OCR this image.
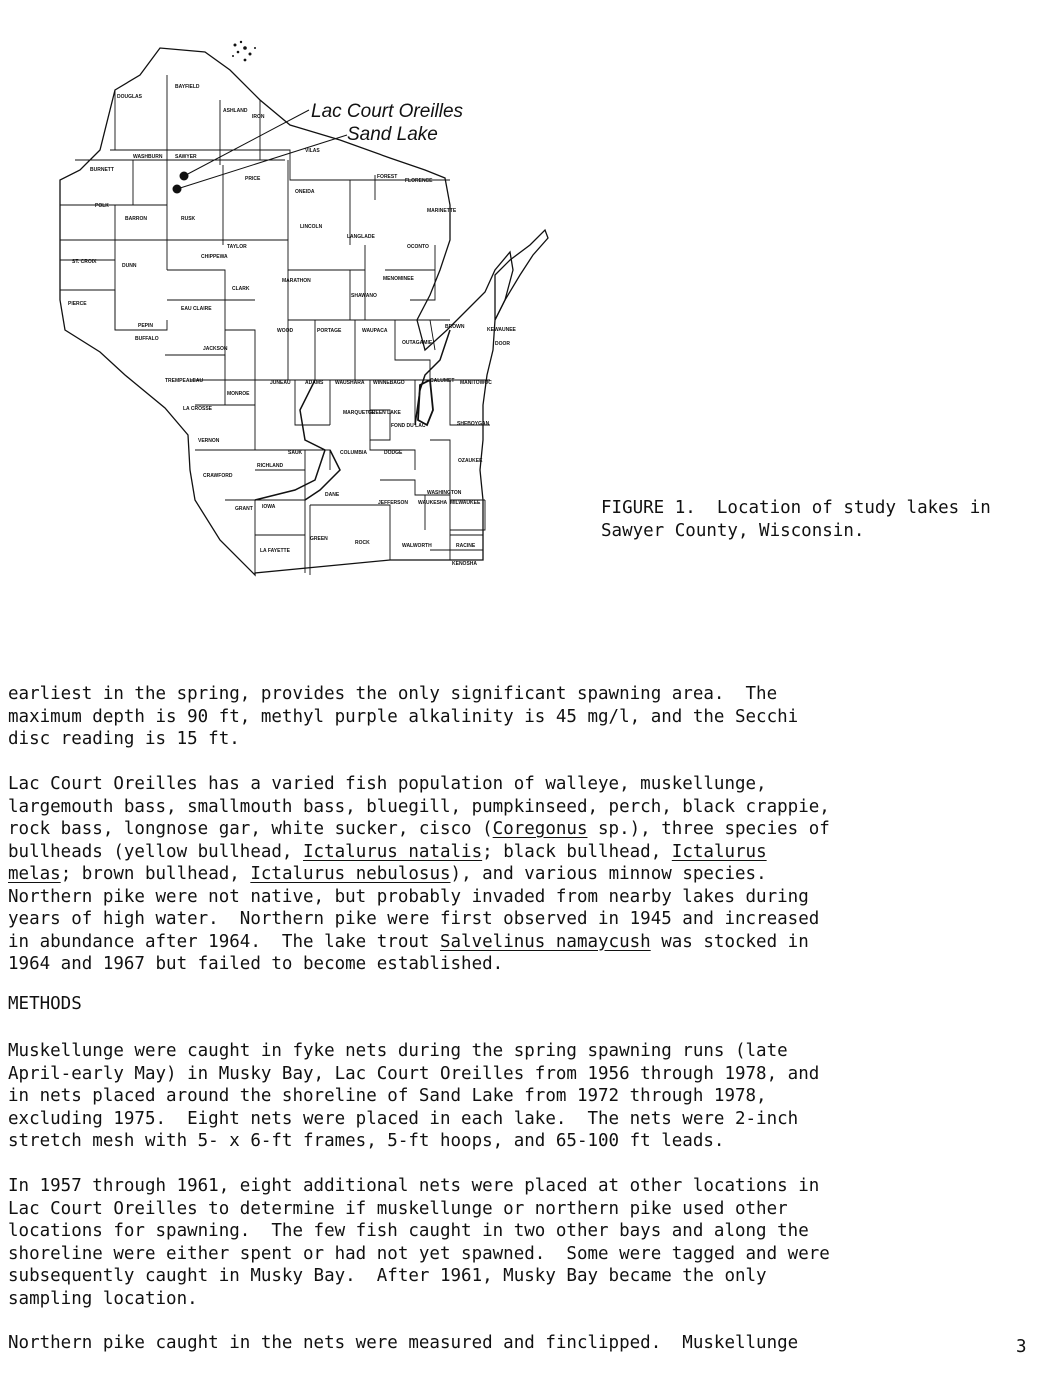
Lac Court Oreilles
Sand Lake
DOUGLAS
BAYFIELD
ASHLAND
IRON
VILAS
WASHBURN	SAWYER
BURNETT
PRICE	FOREST
FLORENCE
ONEIDA
MARINETTE
POLK
BARRON	RUSK
LINCOLN
LANGLADE
OCONTO
TAYLOR
ST. CROIX
DUNN
CHIPPEWA
MENOMINEE
MARATHON
SHAWANO
CLARK
PIERCE
EAU CLAIRE
DOOR
PEPIN
WOOD	PORTAGE	WAUPACA
BROWN	KEWAUNEE
BUFFALO
OUTAGAMIE
JACKSON
TREMPEALEAU	JUNEAU	ADAMS WAUSHARA WINNEBAGO	CALUMET MANITOWOC
MONROE
LA CROSSE
MARQUETTE
GREEN LAKE
FOND DU LAC	SHEBOYGAN
VERNON
SAUK	COLUMBIA	DODGE
OZAUKEE
RICHLAND
CRAWFORD
DANE	WASHINGTON
GRANT IOWA
JEFFERSON WAUKESHA MILWAUKEE
GREEN
ROCK	WALWORTH	RACINE
LA FAYETTE
KENOSHA
FIGURE 1.  Location of study lakes in
Sawyer County, Wisconsin.
earliest in the spring, provides the only significant spawning area.  The
maximum depth is 90 ft, methyl purple alkalinity is 45 mg/l, and the Secchi
disc reading is 15 ft.
Lac Court Oreilles has a varied fish population of walleye, muskellunge,
largemouth bass, smallmouth bass, bluegill, pumpkinseed, perch, black crappie,
rock bass, longnose gar, white sucker, cisco (Coregonus sp.), three species of
bullheads (yellow bullhead, Ictalurus natalis; black bullhead, Ictalurus
melas; brown bullhead, Ictalurus nebulosus), and various minnow species.
Northern pike were not native, but probably invaded from nearby lakes during
years of high water.  Northern pike were first observed in 1945 and increased
in abundance after 1964.  The lake trout Salvelinus namaycush was stocked in
1964 and 1967 but failed to become established.
METHODS
Muskellunge were caught in fyke nets during the spring spawning runs (late
April-early May) in Musky Bay, Lac Court Oreilles from 1956 through 1978, and
in nets placed around the shoreline of Sand Lake from 1972 through 1978,
excluding 1975.  Eight nets were placed in each lake.  The nets were 2-inch
stretch mesh with 5- x 6-ft frames, 5-ft hoops, and 65-100 ft leads.
In 1957 through 1961, eight additional nets were placed at other locations in
Lac Court Oreilles to determine if muskellunge or northern pike used other
locations for spawning.  The few fish caught in two other bays and along the
shoreline were either spent or had not yet spawned.  Some were tagged and were
subsequently caught in Musky Bay.  After 1961, Musky Bay became the only
sampling location.
Northern pike caught in the nets were measured and finclipped.  Muskellunge	3
